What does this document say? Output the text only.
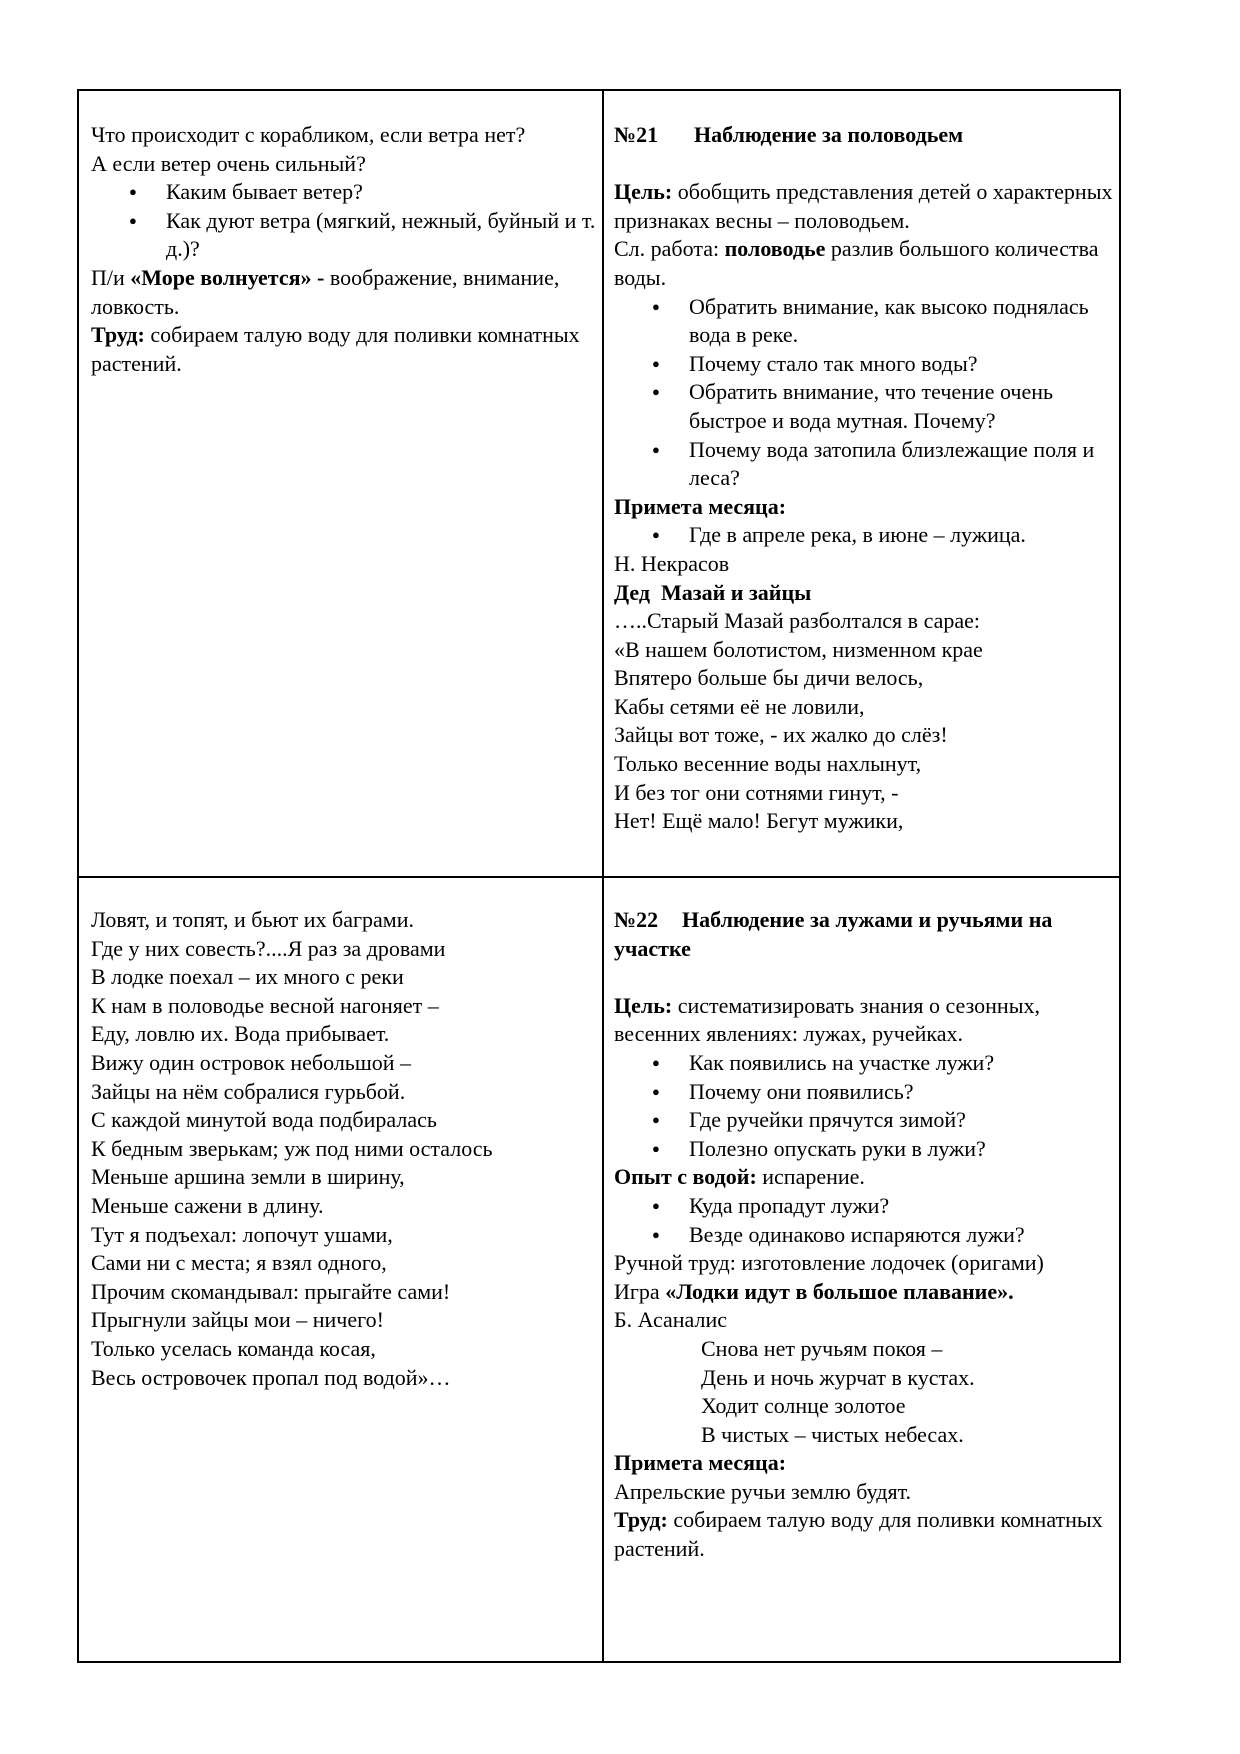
Что происходит с корабликом, если ветра нет?
А если ветер очень сильный?
● Каким бывает ветер?
● Как дуют ветра (мягкий, нежный, буйный и т. д.)?
П/и «Море волнуется» - воображение, внимание, ловкость.
Труд: собираем талую воду для поливки комнатных растений.
№21 Наблюдение за половодьем
Цель: обобщить представления детей о характерных признаках весны – половодьем.
Сл. работа: половодье разлив большого количества воды.
● Обратить внимание, как высоко поднялась вода в реке.
● Почему стало так много воды?
● Обратить внимание, что течение очень быстрое и вода мутная. Почему?
● Почему вода затопила близлежащие поля и леса?
Примета месяца:
● Где в апреле река, в июне – лужица.
Н. Некрасов
Дед  Мазай и зайцы
…..Старый Мазай разболтался в сарае:
«В нашем болотистом, низменном крае
Впятеро больше бы дичи велось,
Кабы сетями её не ловили,
Зайцы вот тоже, - их жалко до слёз!
Только весенние воды нахлынут,
И без тог они сотнями гинут, -
Нет! Ещё мало! Бегут мужики,
Ловят, и топят, и бьют их баграми.
Где у них совесть?....Я раз за дровами
В лодке поехал – их много с реки
К нам в половодье весной нагоняет –
Еду, ловлю их. Вода прибывает.
Вижу один островок небольшой –
Зайцы на нём собралися гурьбой.
С каждой минутой вода подбиралась
К бедным зверькам; уж под ними осталось
Меньше аршина земли в ширину,
Меньше сажени в длину.
Тут я подъехал: лопочут ушами,
Сами ни с места; я взял одного,
Прочим скомандывал: прыгайте сами!
Прыгнули зайцы мои – ничего!
Только уселась команда косая,
Весь островочек пропал под водой»…
№22 Наблюдение за лужами и ручьями на участке
Цель: систематизировать знания о сезонных, весенних явлениях: лужах, ручейках.
● Как появились на участке лужи?
● Почему они появились?
● Где ручейки прячутся зимой?
● Полезно опускать руки в лужи?
Опыт с водой: испарение.
● Куда пропадут лужи?
● Везде одинаково испаряются лужи?
Ручной труд: изготовление лодочек (оригами)
Игра «Лодки идут в большое плавание».
Б. Асаналис
Снова нет ручьям покоя –
День и ночь журчат в кустах.
Ходит солнце золотое
В чистых – чистых небесах.
Примета месяца:
Апрельские ручьи землю будят.
Труд: собираем талую воду для поливки комнатных растений.
